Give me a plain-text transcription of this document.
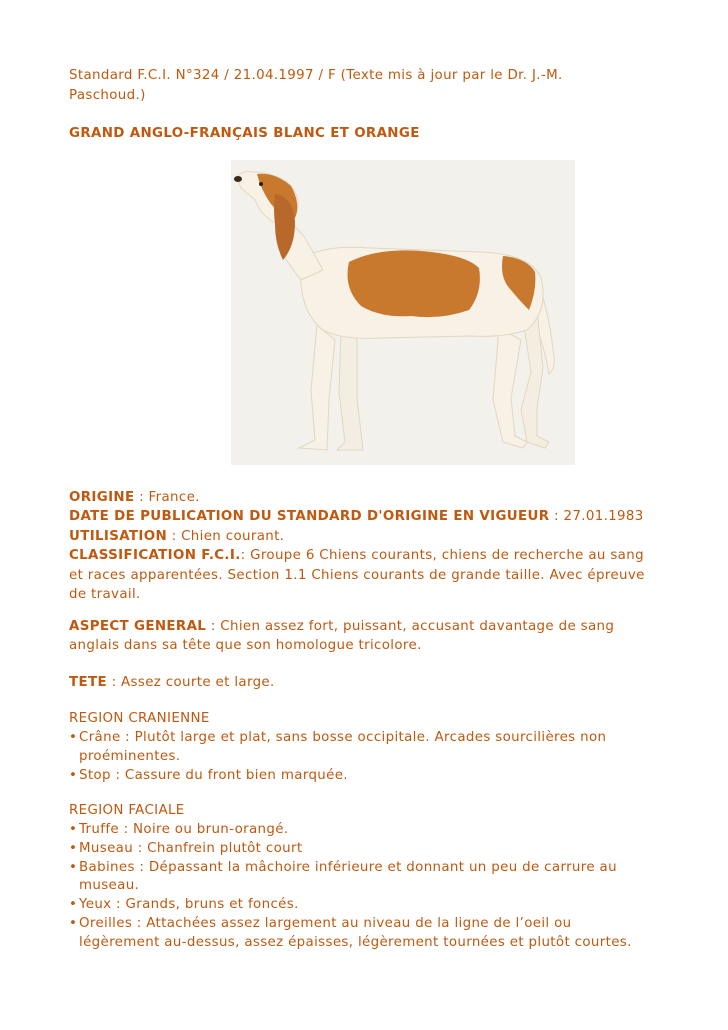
Standard F.C.I. N°324 / 21.04.1997 / F (Texte mis à jour par le Dr. J.-M.
Paschoud.)
GRAND ANGLO-FRANÇAIS BLANC ET ORANGE
ORIGINE : France.
DATE DE PUBLICATION DU STANDARD D'ORIGINE EN VIGUEUR : 27.01.1983
UTILISATION : Chien courant.
CLASSIFICATION F.C.I.: Groupe 6 Chiens courants, chiens de recherche au sang
et races apparentées. Section 1.1 Chiens courants de grande taille. Avec épreuve
de travail.
ASPECT GENERAL : Chien assez fort, puissant, accusant davantage de sang
anglais dans sa tête que son homologue tricolore.
TETE : Assez courte et large.
REGION CRANIENNE
• Crâne : Plutôt large et plat, sans bosse occipitale. Arcades sourcilières non
proéminentes.
• Stop : Cassure du front bien marquée.
REGION FACIALE
• Truffe : Noire ou brun-orangé.
• Museau : Chanfrein plutôt court
• Babines : Dépassant la mâchoire inférieure et donnant un peu de carrure au
museau.
• Yeux : Grands, bruns et foncés.
• Oreilles : Attachées assez largement au niveau de la ligne de l’oeil ou
légèrement au-dessus, assez épaisses, légèrement tournées et plutôt courtes.
